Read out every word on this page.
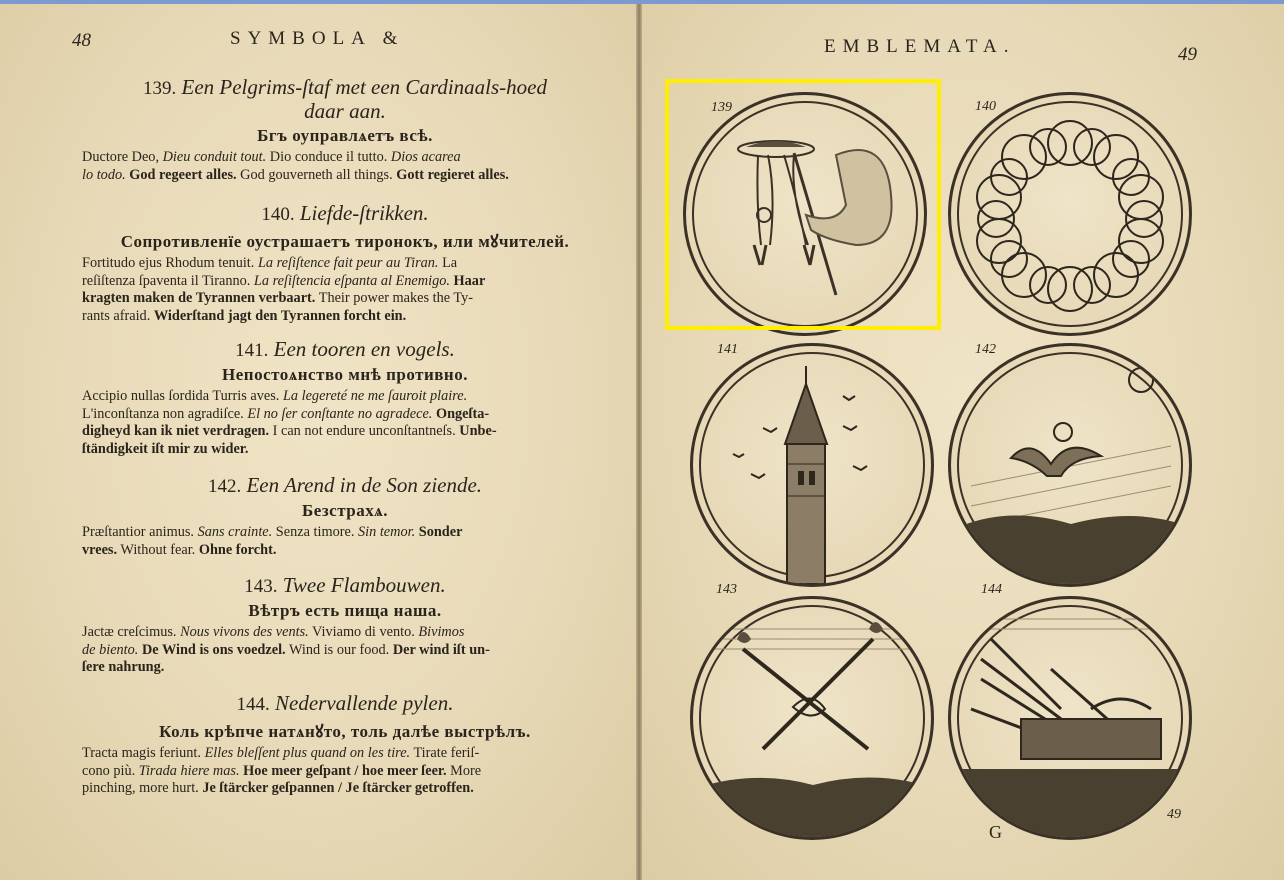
48	SYMBOLA &
139. Een Pelgrims-ſtaf met een Cardinaals-hoed
daar aan.
Бгъ оуправлѧетъ всѣ.
Ductore Deo, Dieu conduit tout. Dio conduce il tutto. Dios acarea
lo todo. God regeert alles. God gouverneth all things. Gott regieret alles.
140. Liefde-ſtrikken.
Сопротивленїе оустрашаетъ тиронокъ, или мꙋчителей.
Fortitudo ejus Rhodum tenuit. La reſiſtence fait peur au Tiran. La
reſiſtenza ſpaventa il Tiranno. La reſiſtencia eſpanta al Enemigo. Haar
kragten maken de Tyrannen verbaart. Their power makes the Ty-
rants afraid. Widerſtand jagt den Tyrannen forcht ein.
141. Een tooren en vogels.
Непостоѧнство мнѣ противно.
Accipio nullas ſordida Turris aves. La legereté ne me ſauroit plaire.
L'inconſtanza non agradiſce. El no ſer conſtante no agradece. Ongeſta-
digheyd kan ik niet verdragen. I can not endure unconſtantneſs. Unbe-
ſtändigkeit iſt mir zu wider.
142. Een Arend in de Son ziende.
Безстрахѧ.
Præſtantior animus. Sans crainte. Senza timore. Sin temor. Sonder
vrees. Without fear. Ohne forcht.
143. Twee Flambouwen.
Вѣтръ есть пища наша.
Jactæ creſcimus. Nous vivons des vents. Viviamo di vento. Bivimos
de biento. De Wind is ons voedzel. Wind is our food. Der wind iſt un-
ſere nahrung.
144. Nedervallende pylen.
Коль крѣпче натѧнꙋто, толь далѣе выстрѣлъ.
Tracta magis feriunt. Elles bleſſent plus quand on les tire. Tirate feriſ-
cono più. Tirada hiere mas. Hoe meer geſpant / hoe meer ſeer. More
pinching, more hurt. Je ſtärcker geſpannen / Je ſtärcker getroffen.
EMBLEMATA.	49
139	140
141	142
143	144
